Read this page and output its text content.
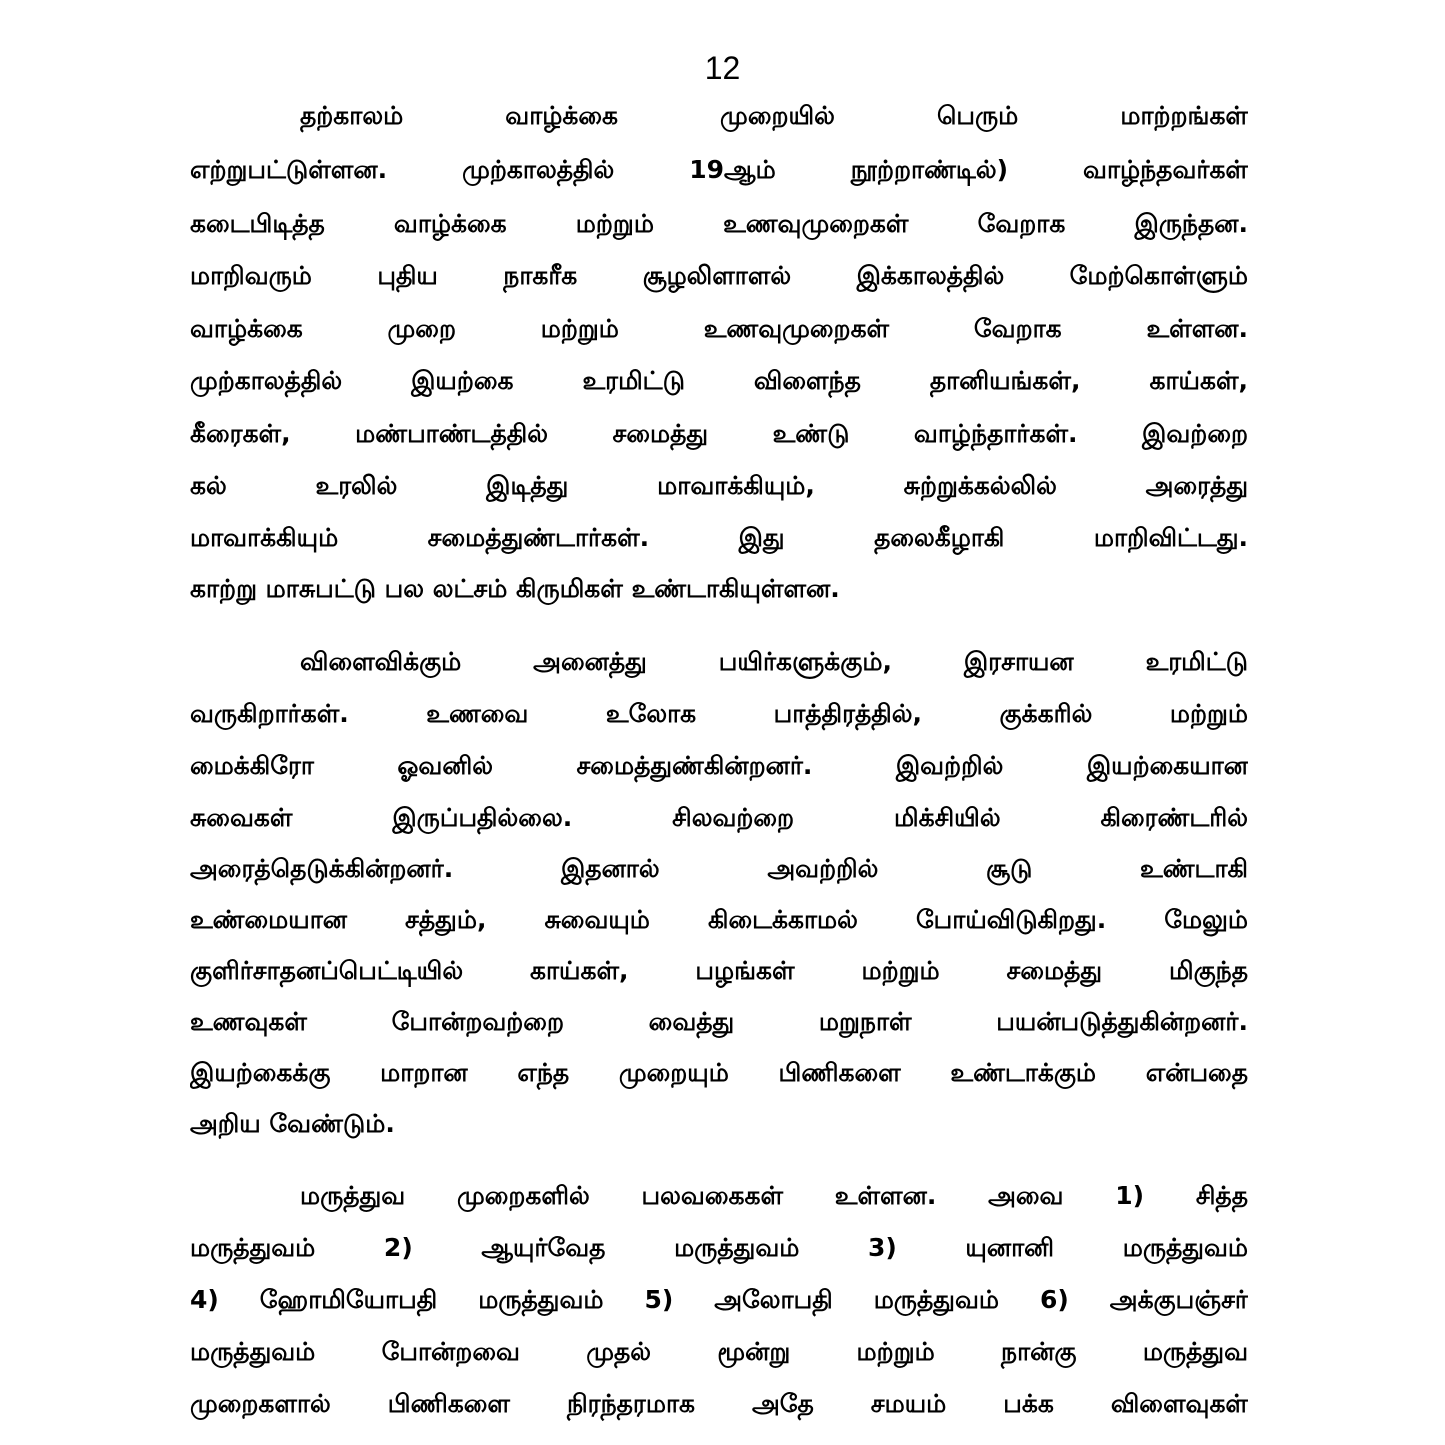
12
தற்காலம் வாழ்க்கை முறையில் பெரும் மாற்றங்கள்
எற்றுபட்டுள்ளன. முற்காலத்தில் 19ஆம் நூற்றாண்டில்) வாழ்ந்தவர்கள்
கடைபிடித்த வாழ்க்கை மற்றும் உணவுமுறைகள் வேறாக இருந்தன.
மாறிவரும் புதிய நாகரீக சூழலிளாளல் இக்காலத்தில் மேற்கொள்ளும்
வாழ்க்கை முறை மற்றும் உணவுமுறைகள் வேறாக உள்ளன.
முற்காலத்தில் இயற்கை உரமிட்டு விளைந்த தானியங்கள், காய்கள்,
கீரைகள், மண்பாண்டத்தில் சமைத்து உண்டு வாழ்ந்தார்கள். இவற்றை
கல் உரலில் இடித்து மாவாக்கியும், சுற்றுக்கல்லில் அரைத்து
மாவாக்கியும் சமைத்துண்டார்கள். இது தலைகீழாகி மாறிவிட்டது.
காற்று மாசுபட்டு பல லட்சம் கிருமிகள் உண்டாகியுள்ளன.
விளைவிக்கும் அனைத்து பயிர்களுக்கும், இரசாயன உரமிட்டு
வருகிறார்கள். உணவை உலோக பாத்திரத்தில், குக்கரில் மற்றும்
மைக்கிரோ ஓவனில் சமைத்துண்கின்றனர். இவற்றில் இயற்கையான
சுவைகள் இருப்பதில்லை. சிலவற்றை மிக்சியில் கிரைண்டரில்
அரைத்தெடுக்கின்றனர். இதனால் அவற்றில் சூடு உண்டாகி
உண்மையான சத்தும், சுவையும் கிடைக்காமல் போய்விடுகிறது. மேலும்
குளிர்சாதனப்பெட்டியில் காய்கள், பழங்கள் மற்றும் சமைத்து மிகுந்த
உணவுகள் போன்றவற்றை வைத்து மறுநாள் பயன்படுத்துகின்றனர்.
இயற்கைக்கு மாறான எந்த முறையும் பிணிகளை உண்டாக்கும் என்பதை
அறிய வேண்டும்.
மருத்துவ முறைகளில் பலவகைகள் உள்ளன. அவை 1) சித்த
மருத்துவம் 2) ஆயுர்வேத மருத்துவம் 3) யுனானி மருத்துவம்
4) ஹோமியோபதி மருத்துவம் 5) அலோபதி மருத்துவம் 6) அக்குபஞ்சர்
மருத்துவம் போன்றவை முதல் மூன்று மற்றும் நான்கு மருத்துவ
முறைகளால் பிணிகளை நிரந்தரமாக அதே சமயம் பக்க விளைவுகள்
